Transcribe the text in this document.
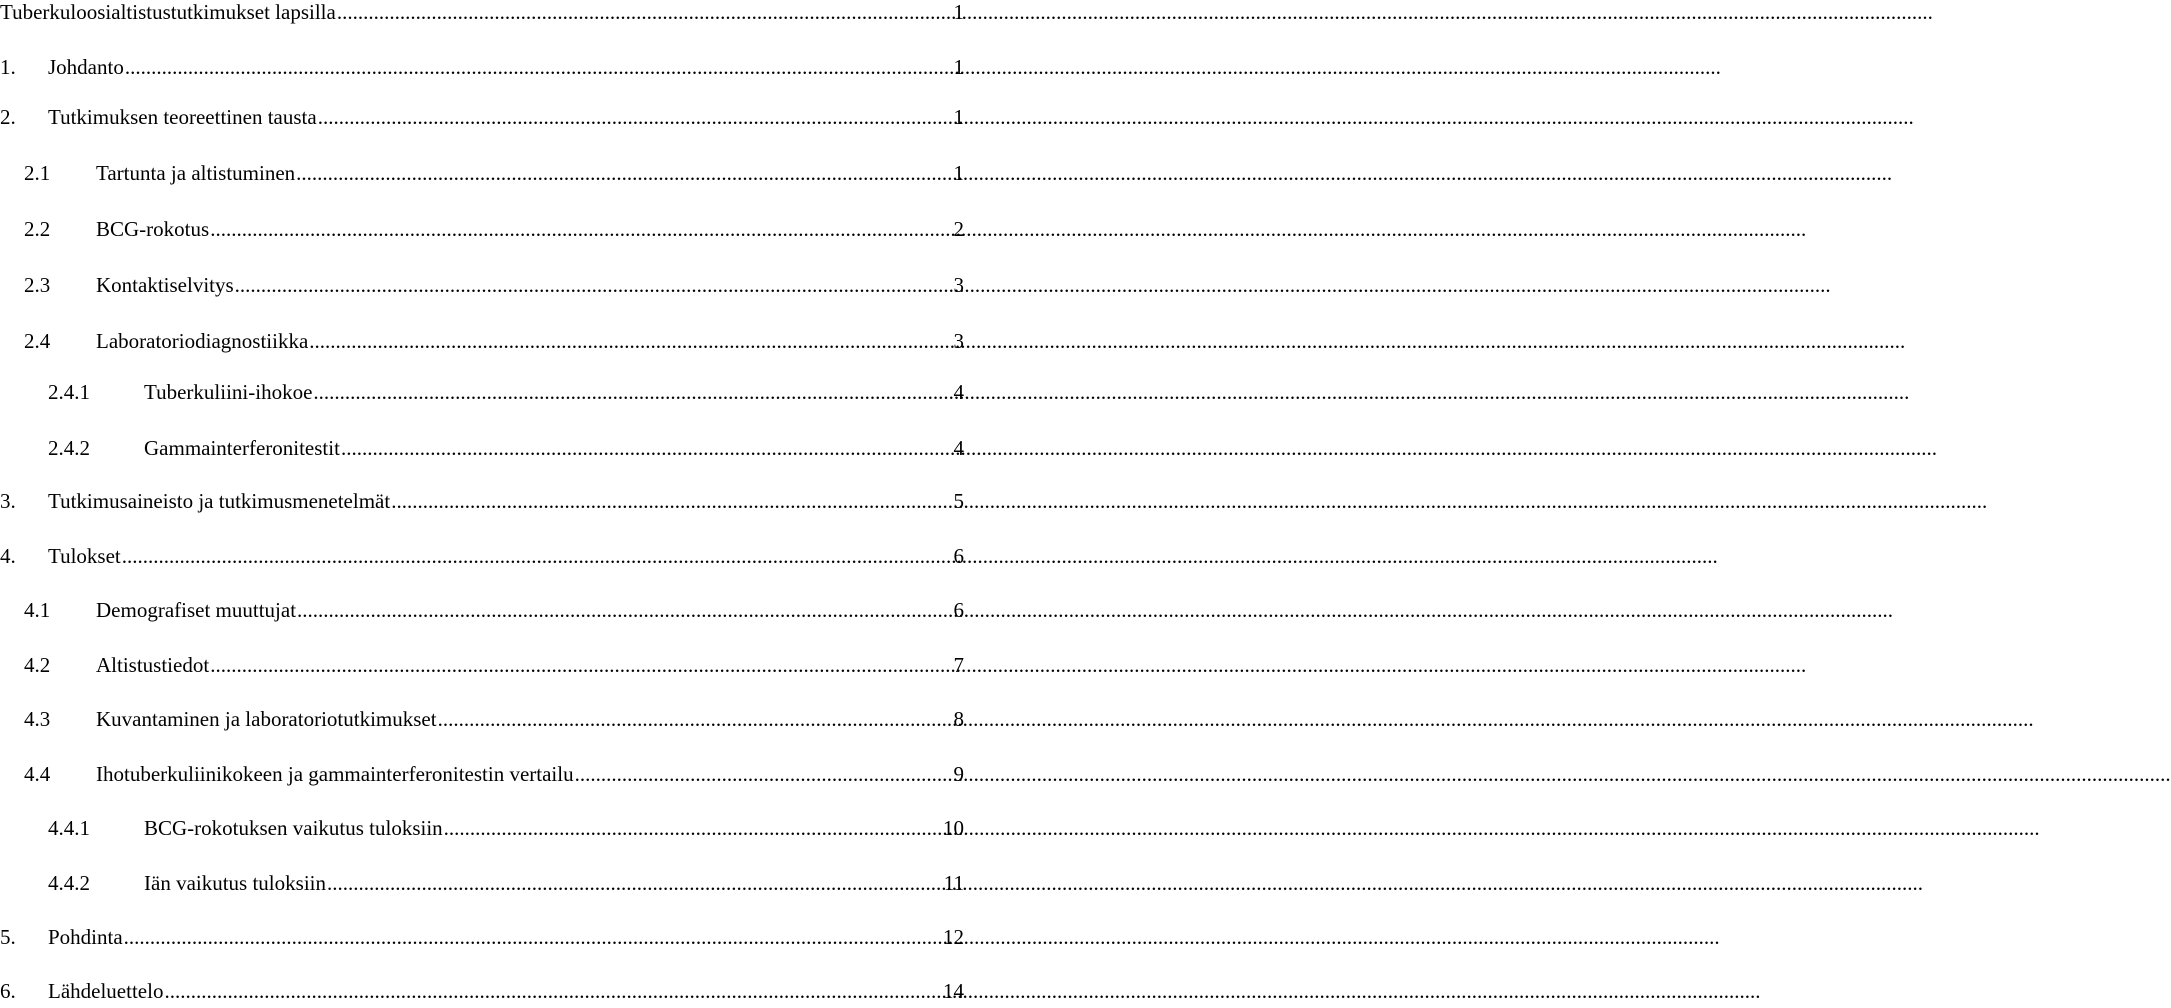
Tuberkuloosialtistustutkimukset lapsilla .....	1
1.	Johdanto .....	1
2.	Tutkimuksen teoreettinen tausta .....	1
2.1	Tartunta ja altistuminen .....	1
2.2	BCG-rokotus .....	2
2.3	Kontaktiselvitys .....	3
2.4	Laboratoriodiagnostiikka .....	3
2.4.1	Tuberkuliini-ihokoe .....	4
2.4.2	Gammainterferonitestit .....	4
3.	Tutkimusaineisto ja tutkimusmenetelmät .....	5
4.	Tulokset .....	6
4.1	Demografiset muuttujat .....	6
4.2	Altistustiedot .....	7
4.3	Kuvantaminen ja laboratoriotutkimukset .....	8
4.4	Ihotuberkuliinikokeen ja gammainterferonitestin vertailu .....	9
4.4.1	BCG-rokotuksen vaikutus tuloksiin .....	10
4.4.2	Iän vaikutus tuloksiin .....	11
5.	Pohdinta .....	12
6.	Lähdeluettelo .....	14
